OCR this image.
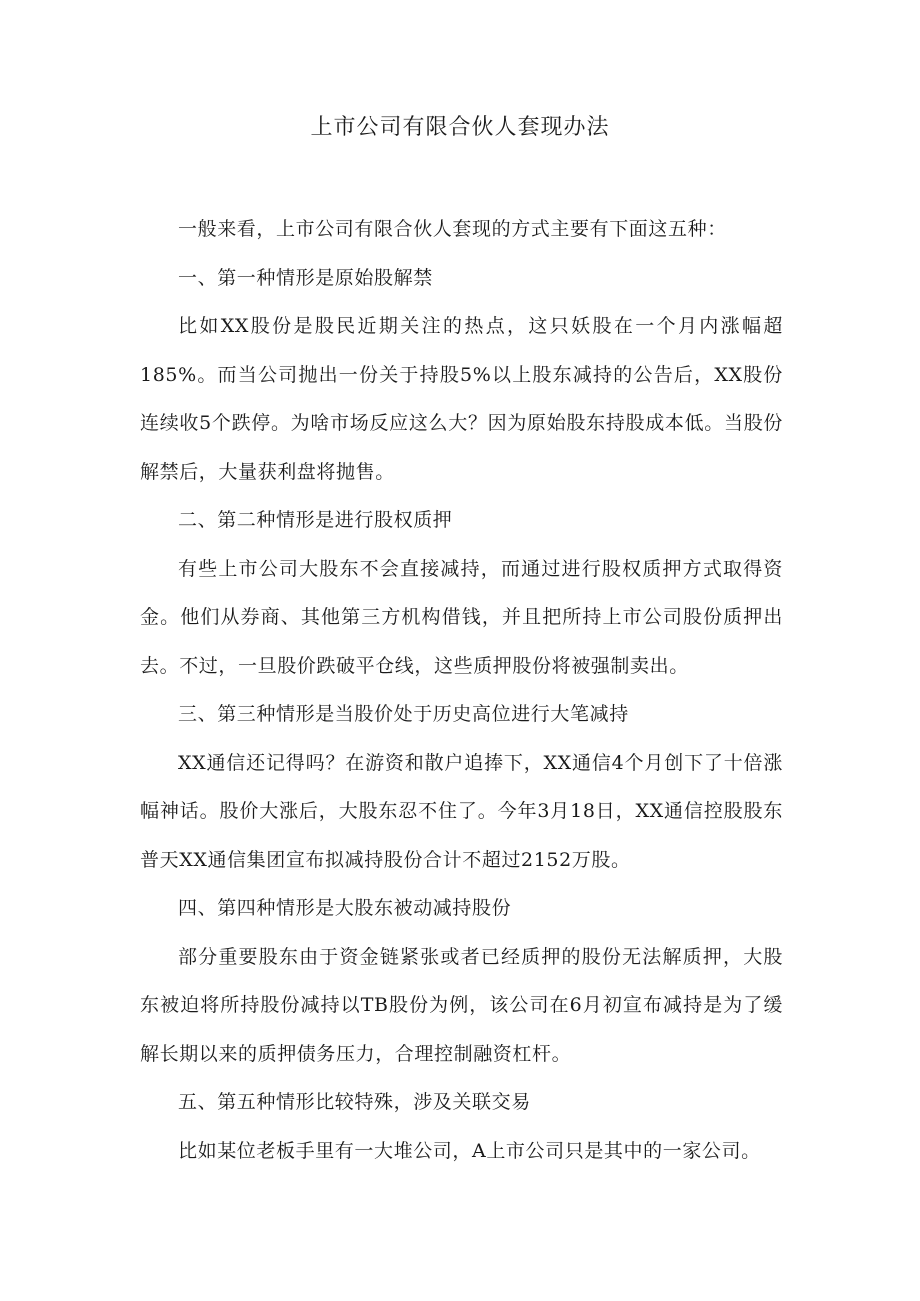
上市公司有限合伙人套现办法

一般来看，上市公司有限合伙人套现的方式主要有下面这五种：

一、第一种情形是原始股解禁

比如XX股份是股民近期关注的热点，这只妖股在一个月内涨幅超185%。而当公司抛出一份关于持股5%以上股东减持的公告后，XX股份连续收5个跌停。为啥市场反应这么大？因为原始股东持股成本低。当股份解禁后，大量获利盘将抛售。

二、第二种情形是进行股权质押

有些上市公司大股东不会直接减持，而通过进行股权质押方式取得资金。他们从券商、其他第三方机构借钱，并且把所持上市公司股份质押出去。不过，一旦股价跌破平仓线，这些质押股份将被强制卖出。

三、第三种情形是当股价处于历史高位进行大笔减持

XX通信还记得吗？在游资和散户追捧下，XX通信4个月创下了十倍涨幅神话。股价大涨后，大股东忍不住了。今年3月18日，XX通信控股股东普天XX通信集团宣布拟减持股份合计不超过2152万股。

四、第四种情形是大股东被动减持股份

部分重要股东由于资金链紧张或者已经质押的股份无法解质押，大股东被迫将所持股份减持以TB股份为例，该公司在6月初宣布减持是为了缓解长期以来的质押债务压力，合理控制融资杠杆。

五、第五种情形比较特殊，涉及关联交易

比如某位老板手里有一大堆公司，A上市公司只是其中的一家公司。
